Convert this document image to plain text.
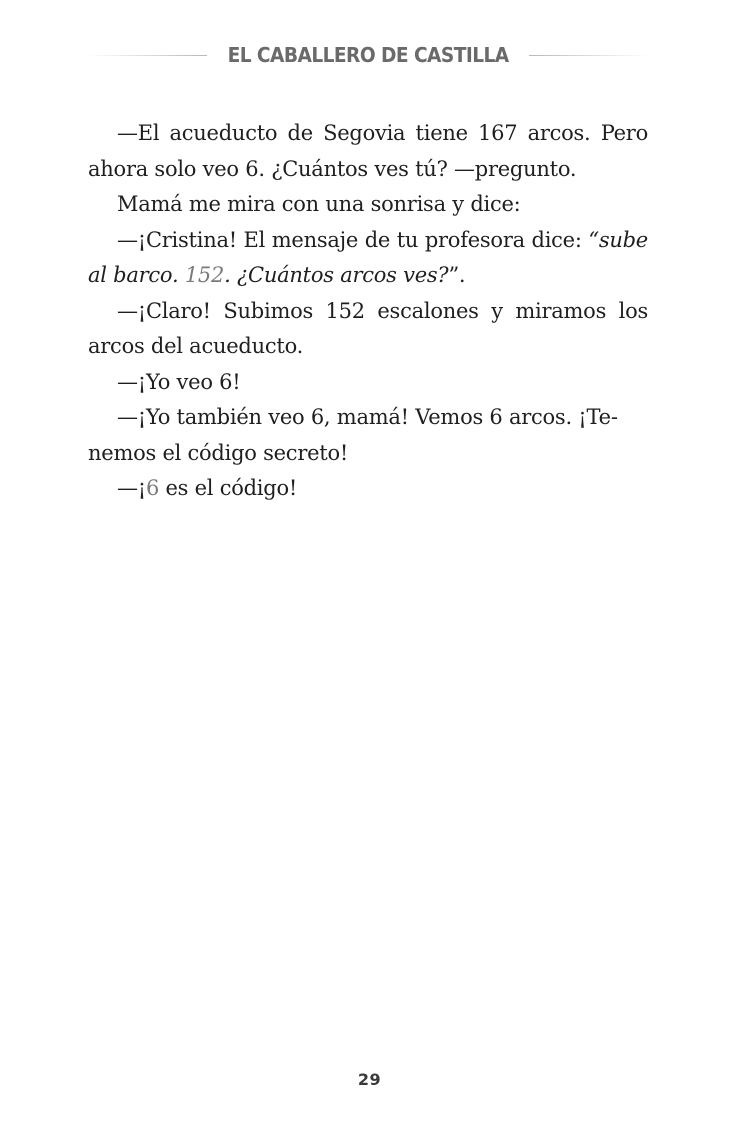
EL CABALLERO DE CASTILLA

—El acueducto de Segovia tiene 167 arcos. Pero ahora solo veo 6. ¿Cuántos ves tú? —pregunto.

Mamá me mira con una sonrisa y dice:

—¡Cristina! El mensaje de tu profesora dice: “sube al barco. 152. ¿Cuántos arcos ves?”.

—¡Claro! Subimos 152 escalones y miramos los arcos del acueducto.

—¡Yo veo 6!

—¡Yo también veo 6, mamá! Vemos 6 arcos. ¡Te-
nemos el código secreto!

—¡6 es el código!

29
